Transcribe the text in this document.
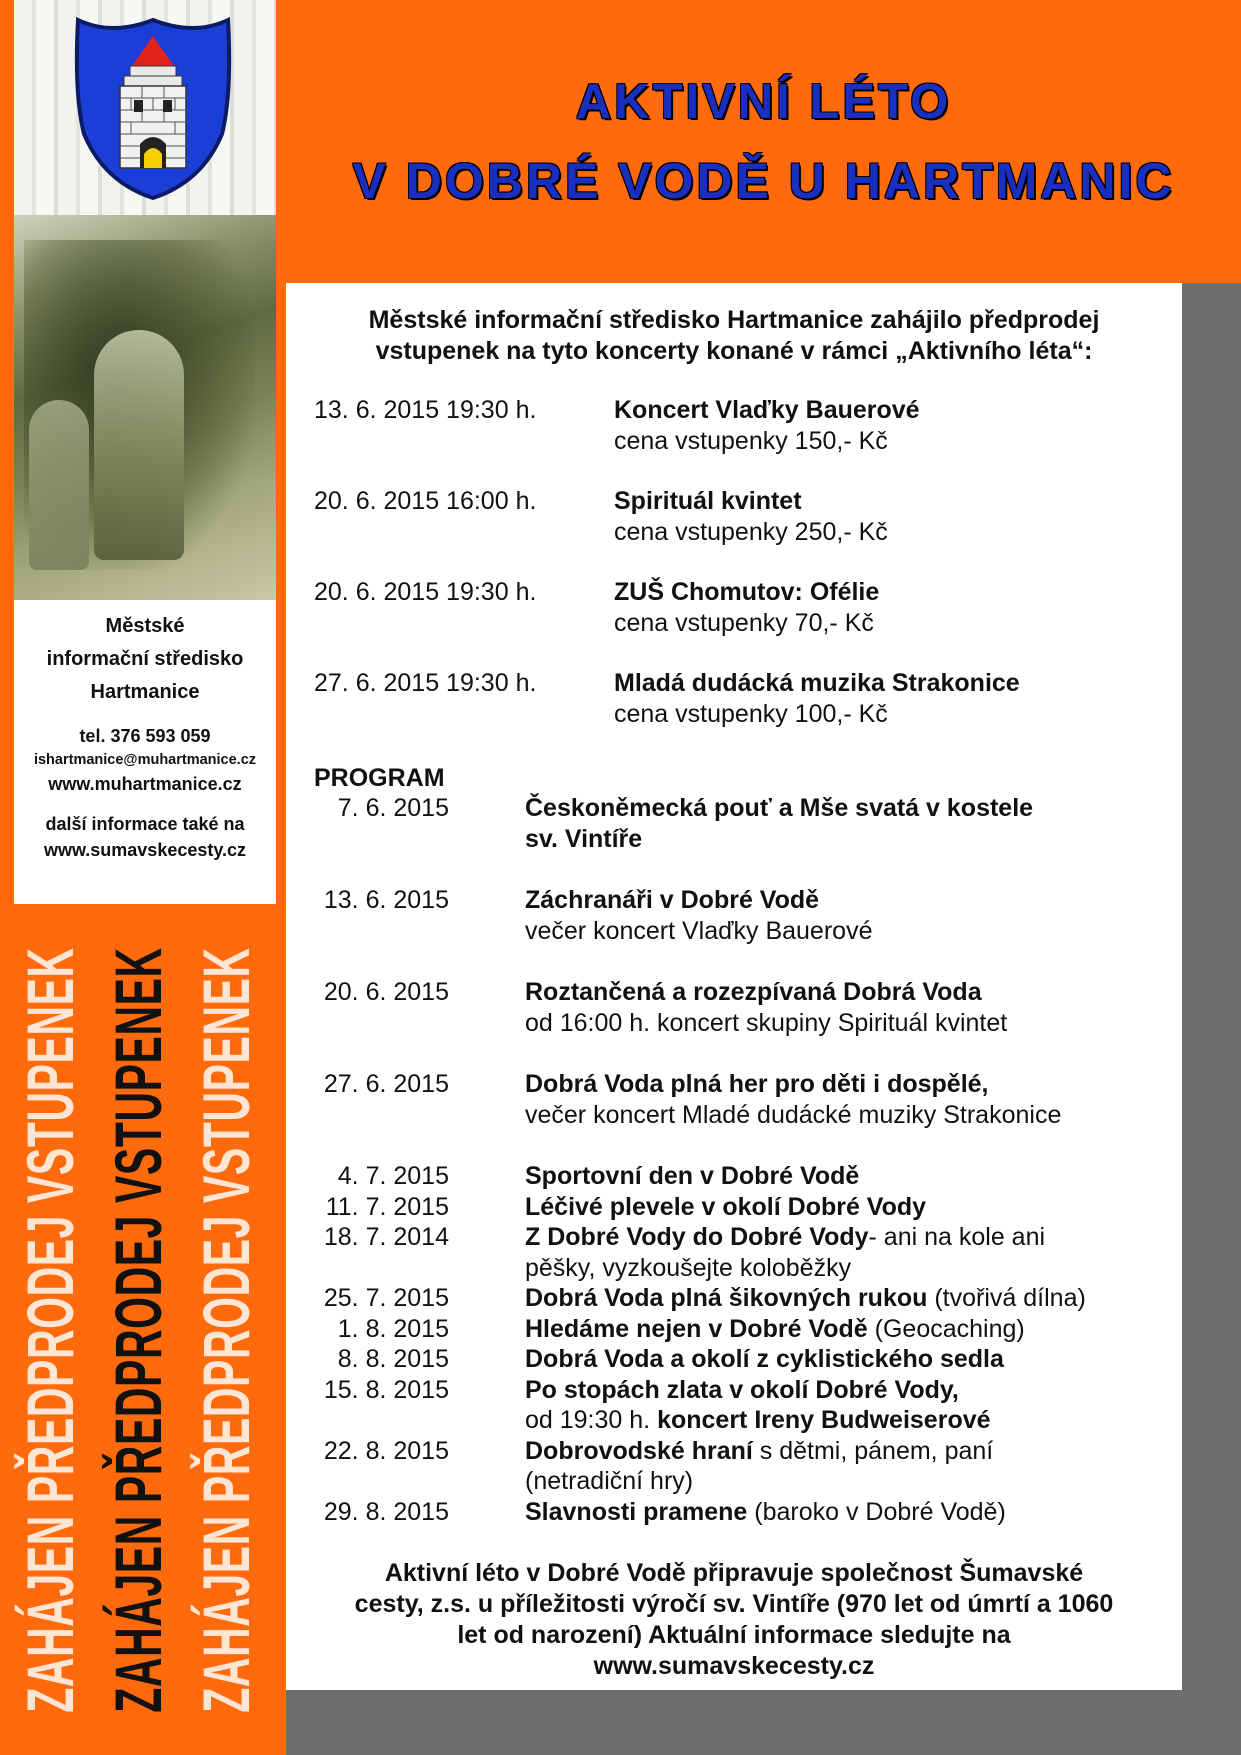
Městské
informační středisko
Hartmanice
tel. 376 593 059
ishartmanice@muhartmanice.cz
www.muhartmanice.cz
další informace také na
www.sumavskecesty.cz
ZAHÁJEN PŘEDPRODEJ VSTUPENEK ZAHÁJEN PŘEDPRODEJ VSTUPENEK ZAHÁJEN PŘEDPRODEJ VSTUPENEK
AKTIVNÍ LÉTO
V DOBRÉ VODĚ U HARTMANIC
Městské informační středisko Hartmanice zahájilo předprodej
vstupenek na tyto koncerty konané v rámci „Aktivního léta“:
13. 6. 2015 19:30 h.	Koncert Vlaďky Bauerové
cena vstupenky 150,- Kč
20. 6. 2015 16:00 h.	Spirituál kvintet
cena vstupenky 250,- Kč
20. 6. 2015 19:30 h.	ZUŠ Chomutov: Ofélie
cena vstupenky 70,- Kč
27. 6. 2015 19:30 h.	Mladá dudácká muzika Strakonice
cena vstupenky 100,- Kč
PROGRAM
7. 6. 2015	Českoněmecká pouť a Mše svatá v kostele
sv. Vintíře
13. 6. 2015	Záchranáři v Dobré Vodě
večer koncert Vlaďky Bauerové
20. 6. 2015	Roztančená a rozezpívaná Dobrá Voda
od 16:00 h. koncert skupiny Spirituál kvintet
27. 6. 2015	Dobrá Voda plná her pro děti i dospělé,
večer koncert Mladé dudácké muziky Strakonice
4. 7. 2015	Sportovní den v Dobré Vodě
11. 7. 2015	Léčivé plevele v okolí Dobré Vody
18. 7. 2014	Z Dobré Vody do Dobré Vody- ani na kole ani
pěšky, vyzkoušejte koloběžky
25. 7. 2015	Dobrá Voda plná šikovných rukou (tvořivá dílna)
1. 8. 2015	Hledáme nejen v Dobré Vodě (Geocaching)
8. 8. 2015	Dobrá Voda a okolí z cyklistického sedla
15. 8. 2015	Po stopách zlata v okolí Dobré Vody,
od 19:30 h. koncert Ireny Budweiserové
22. 8. 2015	Dobrovodské hraní s dětmi, pánem, paní
(netradiční hry)
29. 8. 2015	Slavnosti pramene (baroko v Dobré Vodě)
Aktivní léto v Dobré Vodě připravuje společnost Šumavské
cesty, z.s. u příležitosti výročí sv. Vintíře (970 let od úmrtí a 1060
let od narození) Aktuální informace sledujte na
www.sumavskecesty.cz
